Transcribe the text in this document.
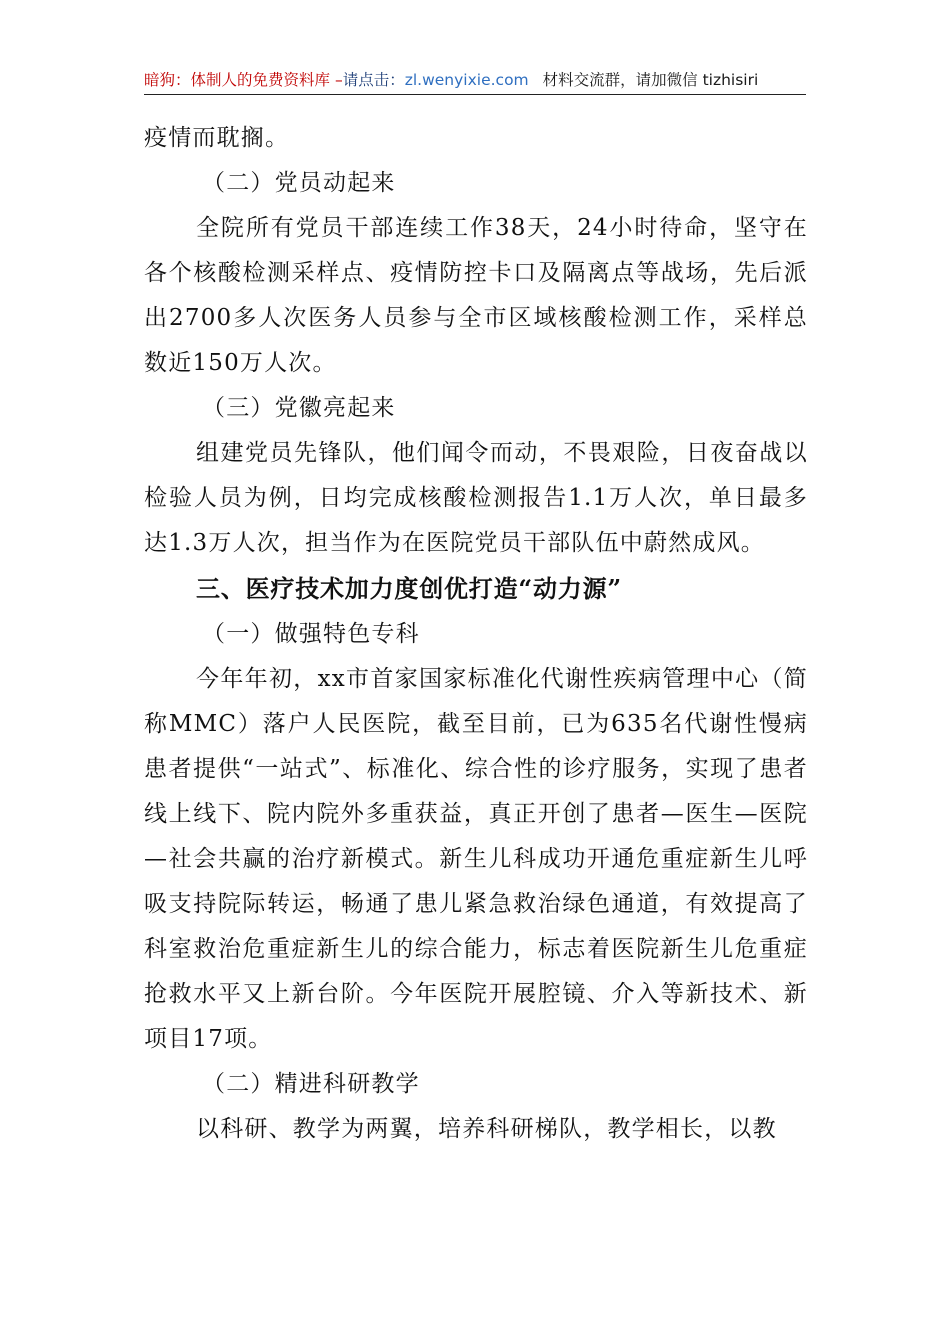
暗狗：体制人的免费资料库 –请点击：zl.wenyixie.com 材料交流群，请加微信 tizhisiri

疫情而耽搁。

（二）党员动起来

全院所有党员干部连续工作38天，24小时待命，坚守在各个核酸检测采样点、疫情防控卡口及隔离点等战场，先后派出2700多人次医务人员参与全市区域核酸检测工作，采样总数近150万人次。

（三）党徽亮起来

组建党员先锋队，他们闻令而动，不畏艰险，日夜奋战以检验人员为例，日均完成核酸检测报告1.1万人次，单日最多达1.3万人次，担当作为在医院党员干部队伍中蔚然成风。

三、医疗技术加力度创优打造“动力源”

（一）做强特色专科

今年年初，xx市首家国家标准化代谢性疾病管理中心（简称MMC）落户人民医院，截至目前，已为635名代谢性慢病患者提供“一站式”、标准化、综合性的诊疗服务，实现了患者线上线下、院内院外多重获益，真正开创了患者—医生—医院—社会共赢的治疗新模式。新生儿科成功开通危重症新生儿呼吸支持院际转运，畅通了患儿紧急救治绿色通道，有效提高了科室救治危重症新生儿的综合能力，标志着医院新生儿危重症抢救水平又上新台阶。今年医院开展腔镜、介入等新技术、新项目17项。

（二）精进科研教学

以科研、教学为两翼，培养科研梯队，教学相长，以教
